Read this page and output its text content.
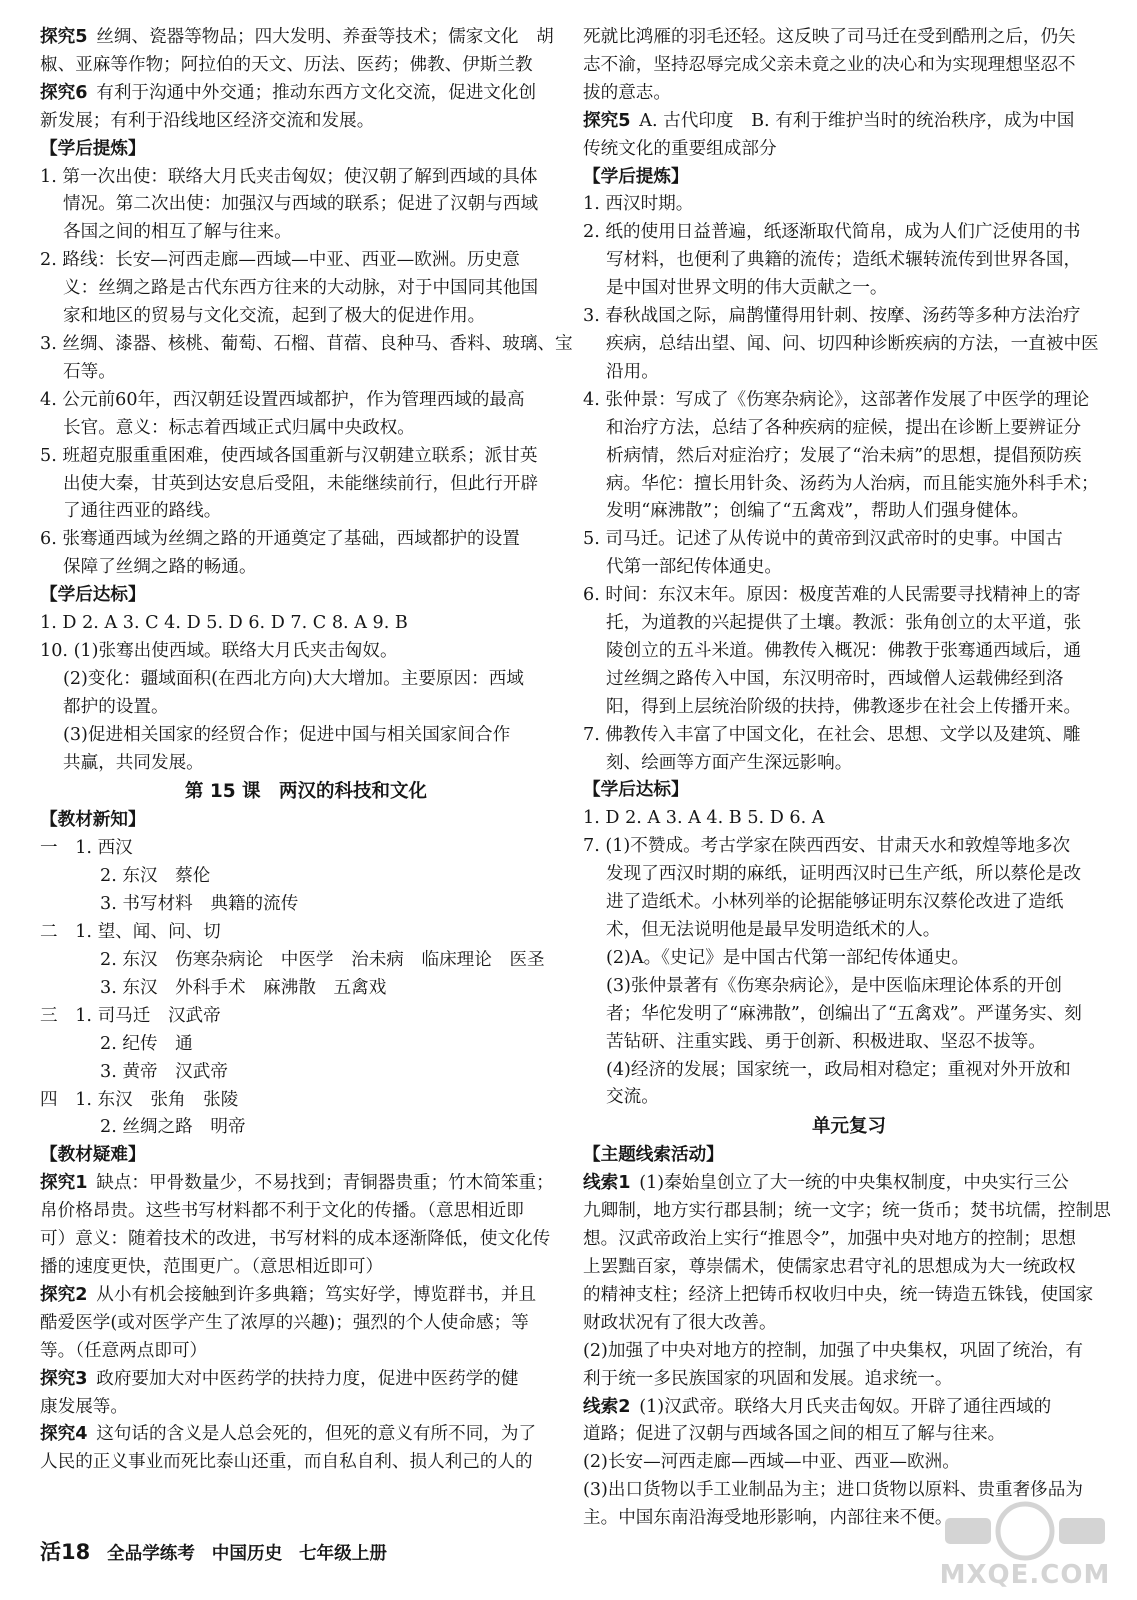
探究5  丝绸、瓷器等物品；四大发明、养蚕等技术；儒家文化　胡
椒、亚麻等作物；阿拉伯的天文、历法、医药；佛教、伊斯兰教
探究6  有利于沟通中外交通；推动东西方文化交流，促进文化创
新发展；有利于沿线地区经济交流和发展。
【学后提炼】
1. 第一次出使：联络大月氏夹击匈奴；使汉朝了解到西域的具体
情况。第二次出使：加强汉与西域的联系；促进了汉朝与西域
各国之间的相互了解与往来。
2. 路线：长安—河西走廊—西域—中亚、西亚—欧洲。历史意
义：丝绸之路是古代东西方往来的大动脉，对于中国同其他国
家和地区的贸易与文化交流，起到了极大的促进作用。
3. 丝绸、漆器、核桃、葡萄、石榴、苜蓿、良种马、香料、玻璃、宝
石等。
4. 公元前60年，西汉朝廷设置西域都护，作为管理西域的最高
长官。意义：标志着西域正式归属中央政权。
5. 班超克服重重困难，使西域各国重新与汉朝建立联系；派甘英
出使大秦，甘英到达安息后受阻，未能继续前行，但此行开辟
了通往西亚的路线。
6. 张骞通西域为丝绸之路的开通奠定了基础，西域都护的设置
保障了丝绸之路的畅通。
【学后达标】
1. D 2. A 3. C 4. D 5. D 6. D 7. C 8. A 9. B
10. (1)张骞出使西域。联络大月氏夹击匈奴。
(2)变化：疆域面积(在西北方向)大大增加。主要原因：西域
都护的设置。
(3)促进相关国家的经贸合作；促进中国与相关国家间合作
共赢，共同发展。
第 15 课　两汉的科技和文化
【教材新知】
一　1. 西汉
2. 东汉　蔡伦
3. 书写材料　典籍的流传
二　1. 望、闻、问、切
2. 东汉　伤寒杂病论　中医学　治未病　临床理论　医圣
3. 东汉　外科手术　麻沸散　五禽戏
三　1. 司马迁　汉武帝
2. 纪传　通
3. 黄帝　汉武帝
四　1. 东汉　张角　张陵
2. 丝绸之路　明帝
【教材疑难】
探究1  缺点：甲骨数量少，不易找到；青铜器贵重；竹木简笨重；
帛价格昂贵。这些书写材料都不利于文化的传播。（意思相近即
可）意义：随着技术的改进，书写材料的成本逐渐降低，使文化传
播的速度更快，范围更广。（意思相近即可）
探究2  从小有机会接触到许多典籍；笃实好学，博览群书，并且
酷爱医学(或对医学产生了浓厚的兴趣)；强烈的个人使命感；等
等。（任意两点即可）
探究3  政府要加大对中医药学的扶持力度，促进中医药学的健
康发展等。
探究4  这句话的含义是人总会死的，但死的意义有所不同，为了
人民的正义事业而死比泰山还重，而自私自利、损人利己的人的
死就比鸿雁的羽毛还轻。这反映了司马迁在受到酷刑之后，仍矢
志不渝，坚持忍辱完成父亲未竟之业的决心和为实现理想坚忍不
拔的意志。
探究5  A. 古代印度　B. 有利于维护当时的统治秩序，成为中国
传统文化的重要组成部分
【学后提炼】
1. 西汉时期。
2. 纸的使用日益普遍，纸逐渐取代简帛，成为人们广泛使用的书
写材料，也便利了典籍的流传；造纸术辗转流传到世界各国，
是中国对世界文明的伟大贡献之一。
3. 春秋战国之际，扁鹊懂得用针刺、按摩、汤药等多种方法治疗
疾病，总结出望、闻、问、切四种诊断疾病的方法，一直被中医
沿用。
4. 张仲景：写成了《伤寒杂病论》，这部著作发展了中医学的理论
和治疗方法，总结了各种疾病的症候，提出在诊断上要辨证分
析病情，然后对症治疗；发展了“治未病”的思想，提倡预防疾
病。华佗：擅长用针灸、汤药为人治病，而且能实施外科手术；
发明“麻沸散”；创编了“五禽戏”，帮助人们强身健体。
5. 司马迁。记述了从传说中的黄帝到汉武帝时的史事。中国古
代第一部纪传体通史。
6. 时间：东汉末年。原因：极度苦难的人民需要寻找精神上的寄
托，为道教的兴起提供了土壤。教派：张角创立的太平道，张
陵创立的五斗米道。佛教传入概况：佛教于张骞通西域后，通
过丝绸之路传入中国，东汉明帝时，西域僧人运载佛经到洛
阳，得到上层统治阶级的扶持，佛教逐步在社会上传播开来。
7. 佛教传入丰富了中国文化，在社会、思想、文学以及建筑、雕
刻、绘画等方面产生深远影响。
【学后达标】
1. D 2. A 3. A 4. B 5. D 6. A
7. (1)不赞成。考古学家在陕西西安、甘肃天水和敦煌等地多次
发现了西汉时期的麻纸，证明西汉时已生产纸，所以蔡伦是改
进了造纸术。小林列举的论据能够证明东汉蔡伦改进了造纸
术，但无法说明他是最早发明造纸术的人。
(2)A。《史记》是中国古代第一部纪传体通史。
(3)张仲景著有《伤寒杂病论》，是中医临床理论体系的开创
者；华佗发明了“麻沸散”，创编出了“五禽戏”。严谨务实、刻
苦钻研、注重实践、勇于创新、积极进取、坚忍不拔等。
(4)经济的发展；国家统一，政局相对稳定；重视对外开放和
交流。
单元复习
【主题线索活动】
线索1  (1)秦始皇创立了大一统的中央集权制度，中央实行三公
九卿制，地方实行郡县制；统一文字；统一货币；焚书坑儒，控制思
想。汉武帝政治上实行“推恩令”，加强中央对地方的控制；思想
上罢黜百家，尊崇儒术，使儒家忠君守礼的思想成为大一统政权
的精神支柱；经济上把铸币权收归中央，统一铸造五铢钱，使国家
财政状况有了很大改善。
(2)加强了中央对地方的控制，加强了中央集权，巩固了统治，有
利于统一多民族国家的巩固和发展。追求统一。
线索2  (1)汉武帝。联络大月氏夹击匈奴。开辟了通往西域的
道路；促进了汉朝与西域各国之间的相互了解与往来。
(2)长安—河西走廊—西域—中亚、西亚—欧洲。
(3)出口货物以手工业制品为主；进口货物以原料、贵重奢侈品为
主。中国东南沿海受地形影响，内部往来不便。
活18 全品学练考 中国历史 七年级上册
MXQE.COM
